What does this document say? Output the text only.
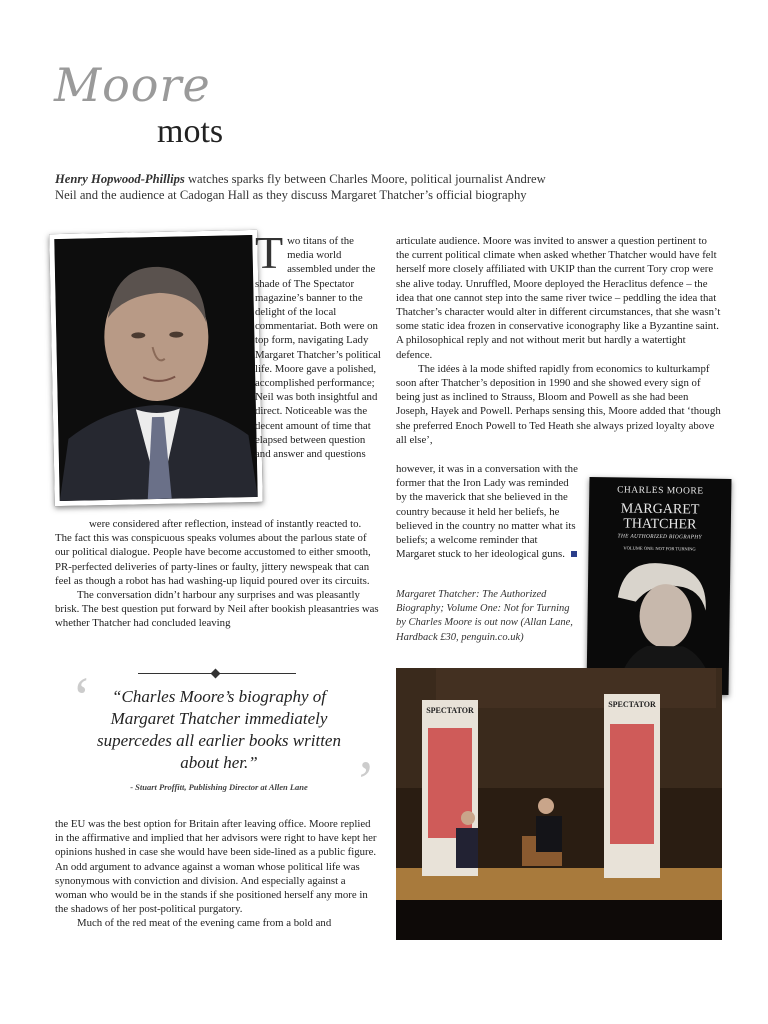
Moore
mots
Henry Hopwood-Phillips watches sparks fly between Charles Moore, political journalist Andrew Neil and the audience at Cadogan Hall as they discuss Margaret Thatcher’s official biography
T wo titans of the media world assembled under the shade of The Spectator magazine’s banner to the delight of the local commentariat. Both were on top form, navigating Lady Margaret Thatcher’s political life. Moore gave a polished, accomplished performance; Neil was both insightful and direct. Noticeable was the decent amount of time that elapsed between question and answer and questions

were considered after reflection, instead of instantly reacted to. The fact this was conspicuous speaks volumes about the parlous state of our political dialogue. People have become accustomed to either smooth, PR-perfected deliveries of party-lines or faulty, jittery newspeak that can feel as though a robot has had washing-up liquid poured over its circuits.

The conversation didn’t harbour any surprises and was pleasantly brisk. The best question put forward by Neil after bookish pleasantries was whether Thatcher had concluded leaving

‘
’
“Charles Moore’s biography of Margaret Thatcher immediately supercedes all earlier books written about her.”
- Stuart Proffitt, Publishing Director at Allen Lane

the EU was the best option for Britain after leaving office. Moore replied in the affirmative and implied that her advisors were right to have kept her opinions hushed in case she would have been side-lined as a public figure. An odd argument to advance against a woman whose political life was synonymous with conviction and division. And especially against a woman who would be in the stands if she positioned herself any more in the shadows of her post-political purgatory.

Much of the red meat of the evening came from a bold and

articulate audience. Moore was invited to answer a question pertinent to the current political climate when asked whether Thatcher would have felt herself more closely affiliated with UKIP than the current Tory crop were she alive today. Unruffled, Moore deployed the Heraclitus defence – the idea that one cannot step into the same river twice – peddling the idea that Thatcher’s character would alter in different circumstances, that she wasn’t some static idea frozen in conservative iconography like a Byzantine saint. A philosophical reply and not without merit but hardly a watertight defence.

The idées à la mode shifted rapidly from economics to kulturkampf soon after Thatcher’s deposition in 1990 and she showed every sign of being just as inclined to Strauss, Bloom and Powell as she had been Joseph, Hayek and Powell. Perhaps sensing this, Moore added that ‘though she preferred Enoch Powell to Ted Heath she always prized loyalty above all else’,

however, it was in a conversation with the former that the Iron Lady was reminded by the maverick that she believed in the country because it held her beliefs, he believed in the country no matter what its beliefs; a welcome reminder that Margaret stuck to her ideological guns.
Margaret Thatcher: The Authorized Biography; Volume One: Not for Turning by Charles Moore is out now (Allan Lane, Hardback £30, penguin.co.uk)
CHARLES MOORE
MARGARET
THATCHER
THE AUTHORIZED BIOGRAPHY
VOLUME ONE: NOT FOR TURNING
SPECTATOR
SPECTATOR
